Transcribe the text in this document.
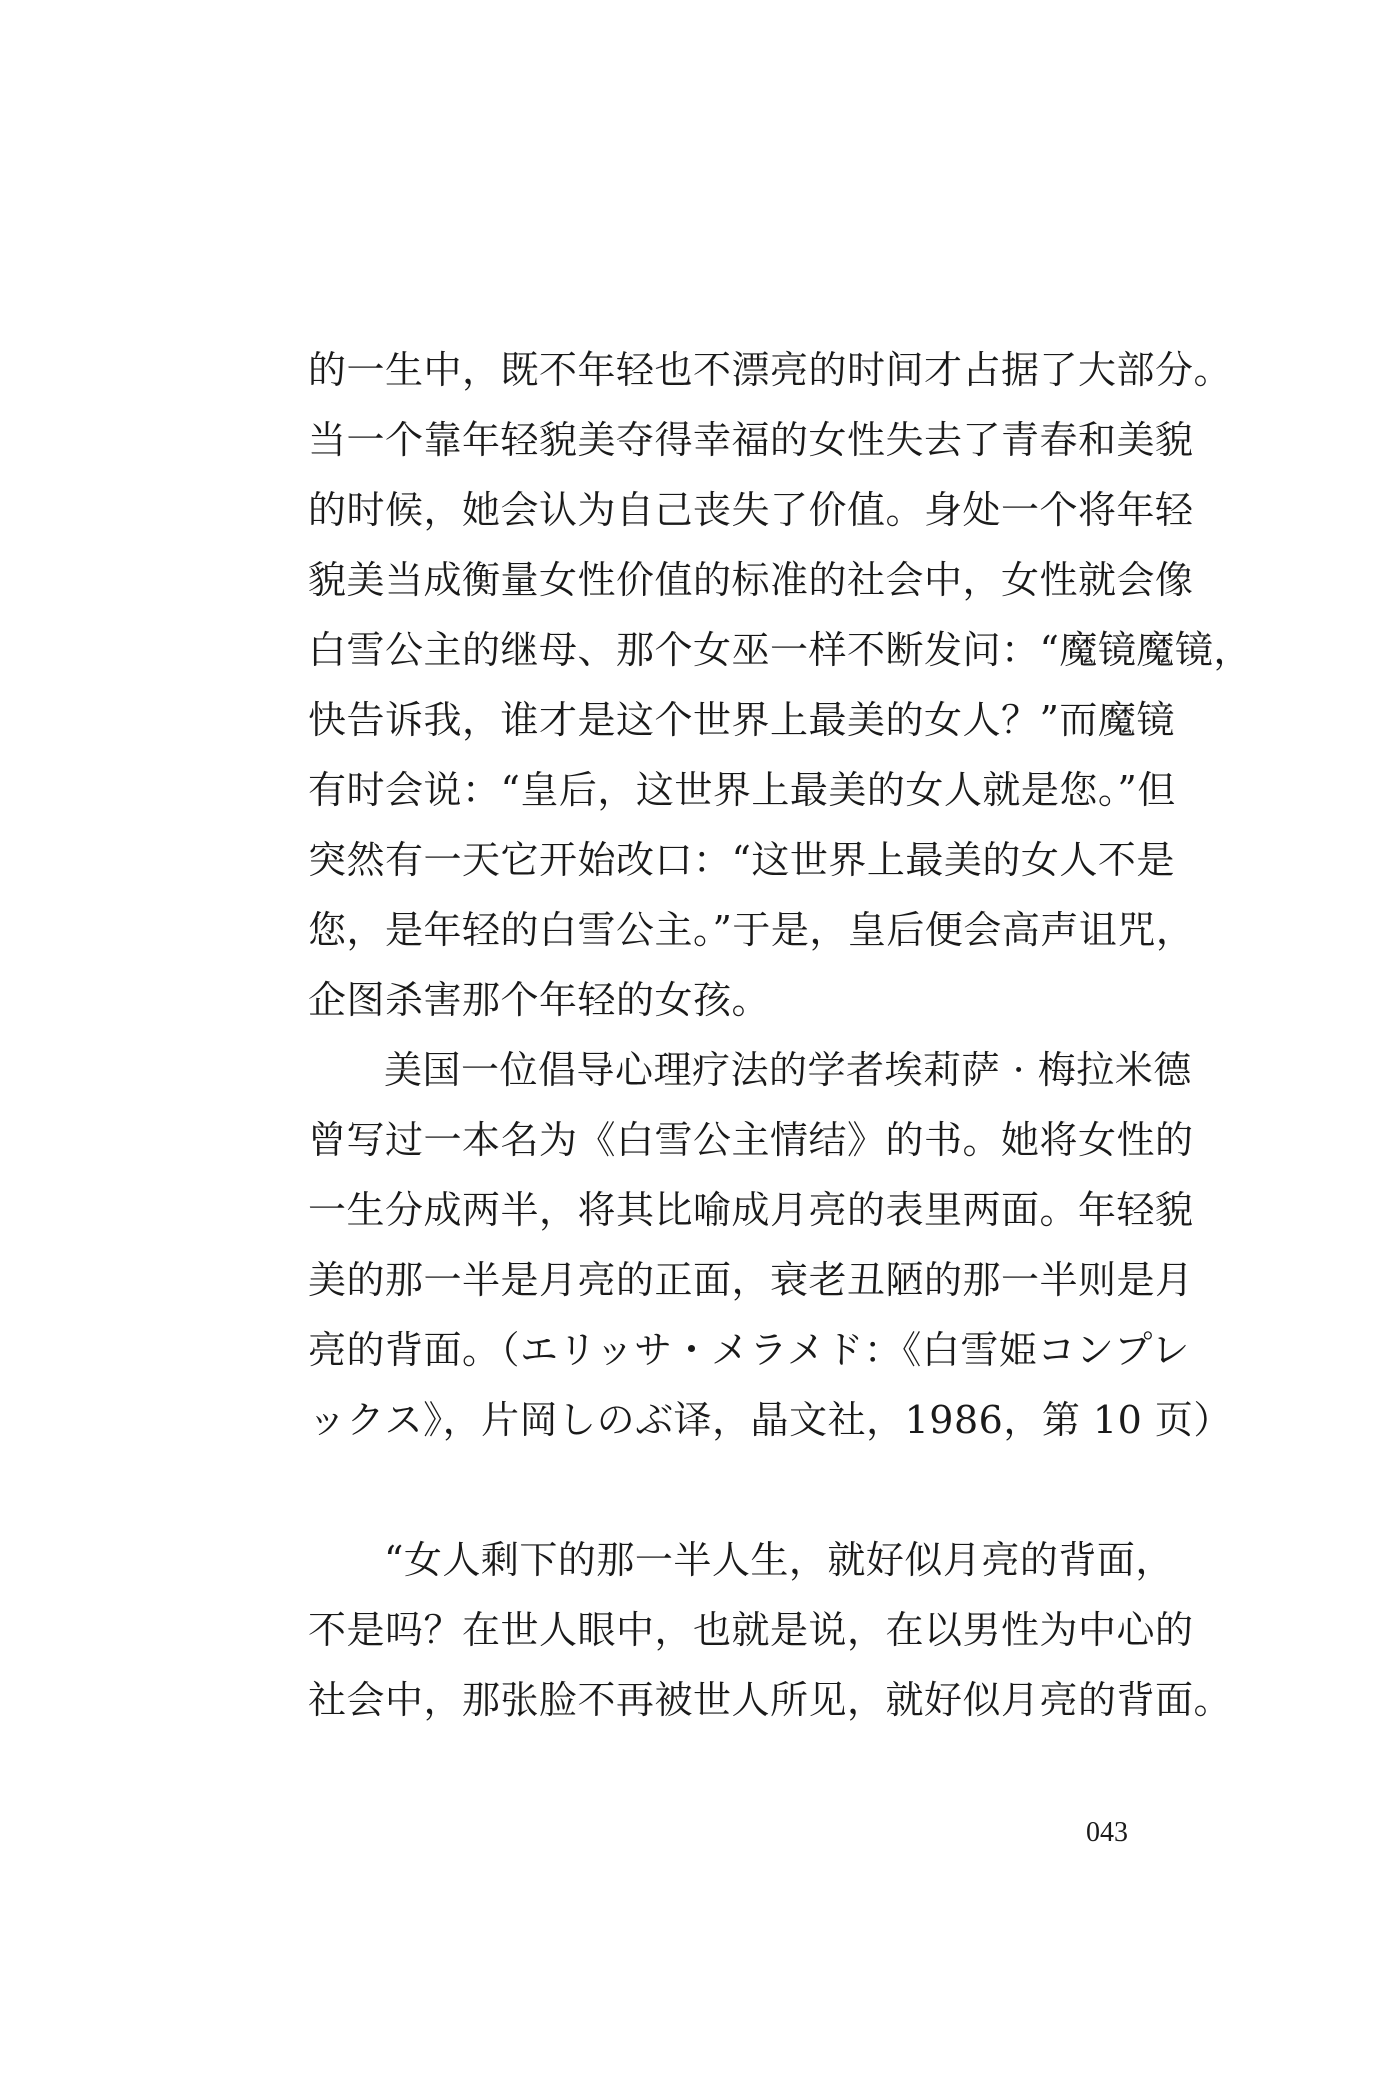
的一生中，既不年轻也不漂亮的时间才占据了大部分。
当一个靠年轻貌美夺得幸福的女性失去了青春和美貌
的时候，她会认为自己丧失了价值。身处一个将年轻
貌美当成衡量女性价值的标准的社会中，女性就会像
白雪公主的继母、那个女巫一样不断发问：“魔镜魔镜，
快告诉我，谁才是这个世界上最美的女人？”而魔镜
有时会说：“皇后，这世界上最美的女人就是您。”但
突然有一天它开始改口：“这世界上最美的女人不是
您，是年轻的白雪公主。”于是，皇后便会高声诅咒，
企图杀害那个年轻的女孩。
美国一位倡导心理疗法的学者埃莉萨 · 梅拉米德
曾写过一本名为《白雪公主情结》的书。她将女性的
一生分成两半，将其比喻成月亮的表里两面。年轻貌
美的那一半是月亮的正面，衰老丑陋的那一半则是月
亮的背面。（エリッサ・メラメド：《白雪姫コンプレ
ックス》，片岡しのぶ译，晶文社，1986，第 10 页）
“女人剩下的那一半人生，就好似月亮的背面，
不是吗？在世人眼中，也就是说，在以男性为中心的
社会中，那张脸不再被世人所见，就好似月亮的背面。
043
